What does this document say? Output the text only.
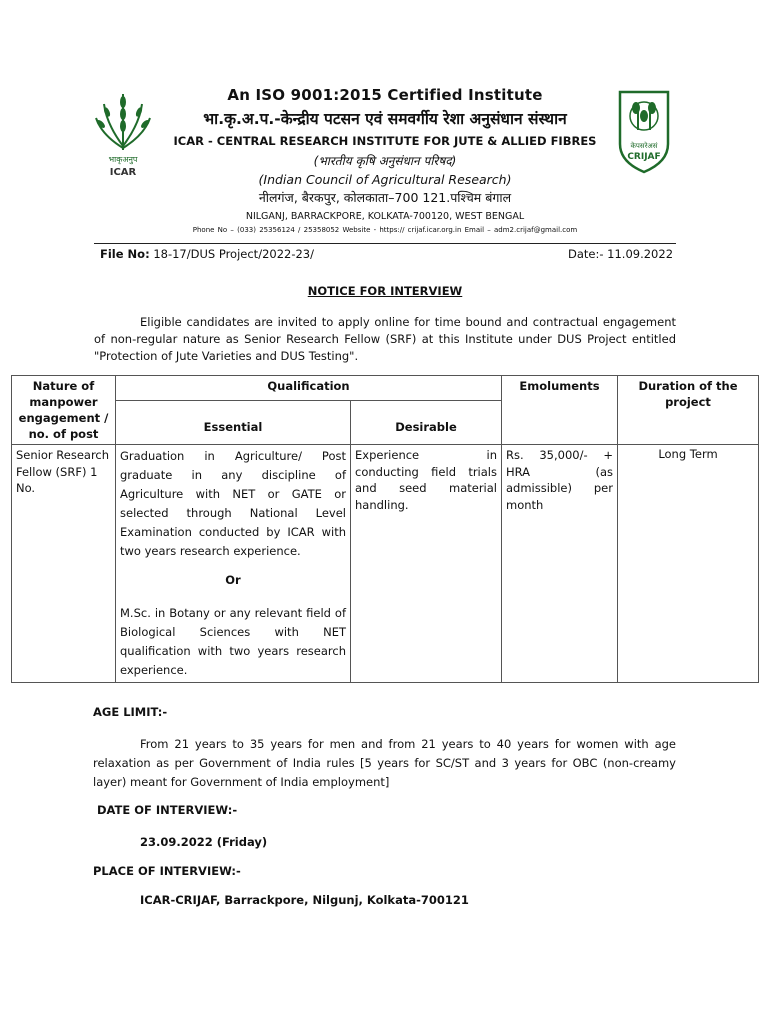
भाकृअनुप
ICAR
केपसरेअसं
CRIJAF
An ISO 9001:2015 Certified Institute
भा.कृ.अ.प.-केन्द्रीय पटसन एवं समवर्गीय रेशा अनुसंधान संस्थान
ICAR - CENTRAL RESEARCH INSTITUTE FOR JUTE & ALLIED FIBRES
(भारतीय कृषि अनुसंधान परिषद)
(Indian Council of Agricultural Research)
नीलगंज, बैरकपुर, कोलकाता–700 121.पश्चिम बंगाल
NILGANJ, BARRACKPORE, KOLKATA-700120, WEST BENGAL
Phone No – (033) 25356124 / 25358052 Website - https:// crijaf.icar.org.in Email – adm2.crijaf@gmail.com
File No: 18-17/DUS Project/2022-23/	Date:- 11.09.2022
NOTICE FOR INTERVIEW
Eligible candidates are invited to apply online for time bound and contractual engagement of non-regular nature as Senior Research Fellow (SRF) at this Institute under DUS Project entitled "Protection of Jute Varieties and DUS Testing".
Nature of manpower engagement / no. of post	Qualification		Emoluments	Duration of the project
	Essential	Desirable		
Senior Research Fellow (SRF) 1 No.	Graduation in Agriculture/ Post graduate in any discipline of Agriculture with NET or GATE or selected through National Level Examination conducted by ICAR with two years research experience.
Or
M.Sc. in Botany or any relevant field of Biological Sciences with NET qualification with two years research experience.	Experience in conducting field trials and seed material handling.	Rs. 35,000/- + HRA (as admissible) per month	Long Term
AGE LIMIT:-
From 21 years to 35 years for men and from 21 years to 40 years for women with age relaxation as per Government of India rules [5 years for SC/ST and 3 years for OBC (non-creamy layer) meant for Government of India employment]
DATE OF INTERVIEW:-
23.09.2022 (Friday)
PLACE OF INTERVIEW:-
ICAR-CRIJAF, Barrackpore, Nilgunj, Kolkata-700121
